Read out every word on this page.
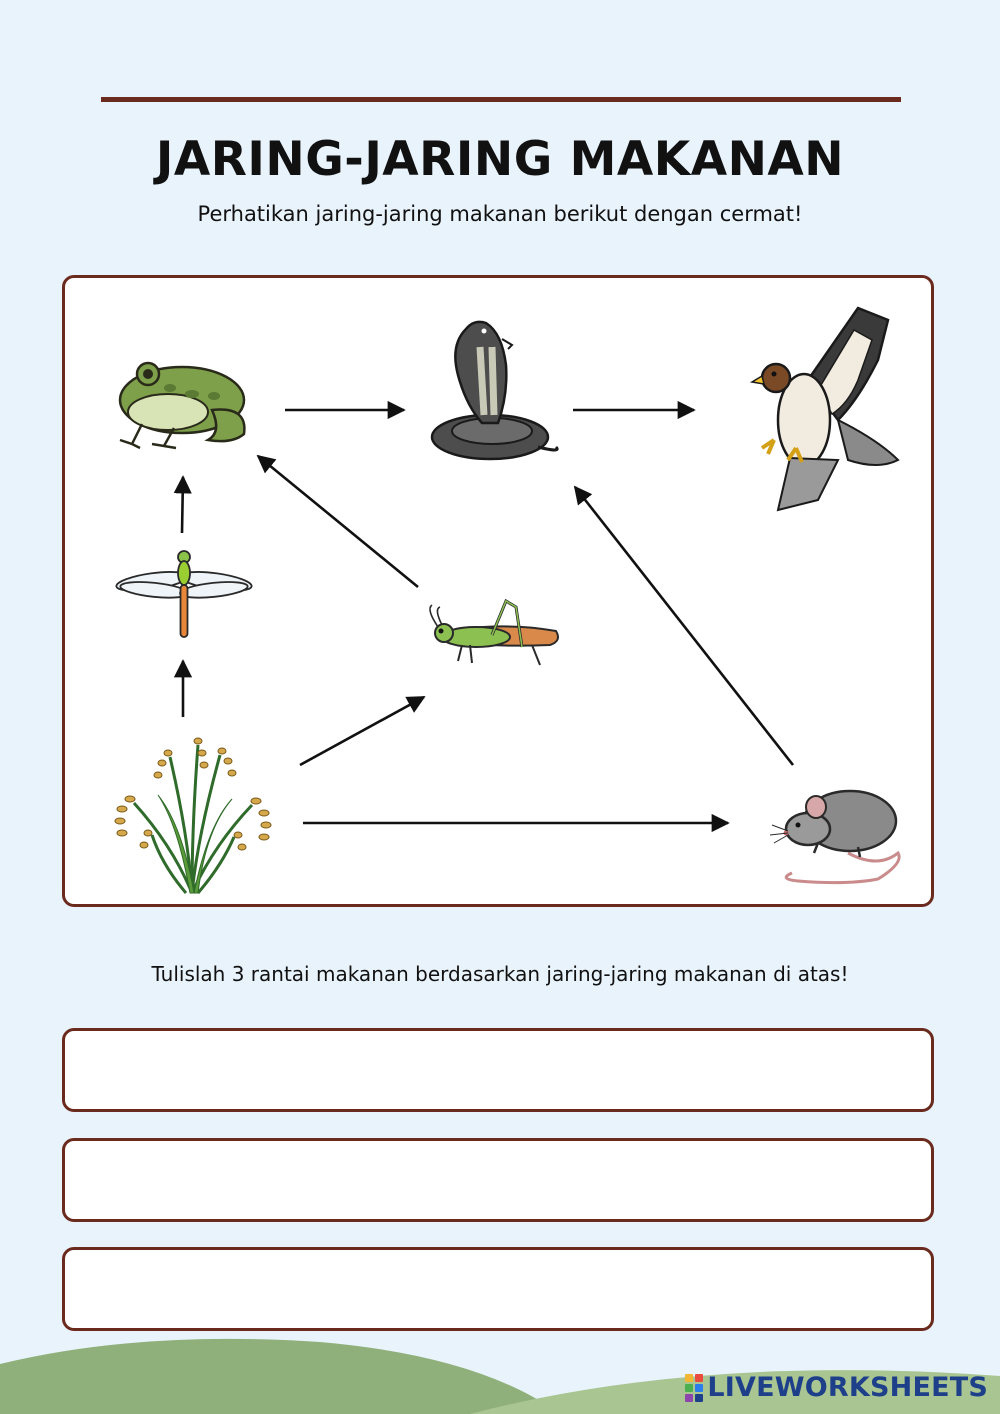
JARING-JARING MAKANAN

Perhatikan jaring-jaring makanan berikut dengan cermat!

Tulislah 3 rantai makanan berdasarkan jaring-jaring makanan di atas!

LIVEWORKSHEETS
